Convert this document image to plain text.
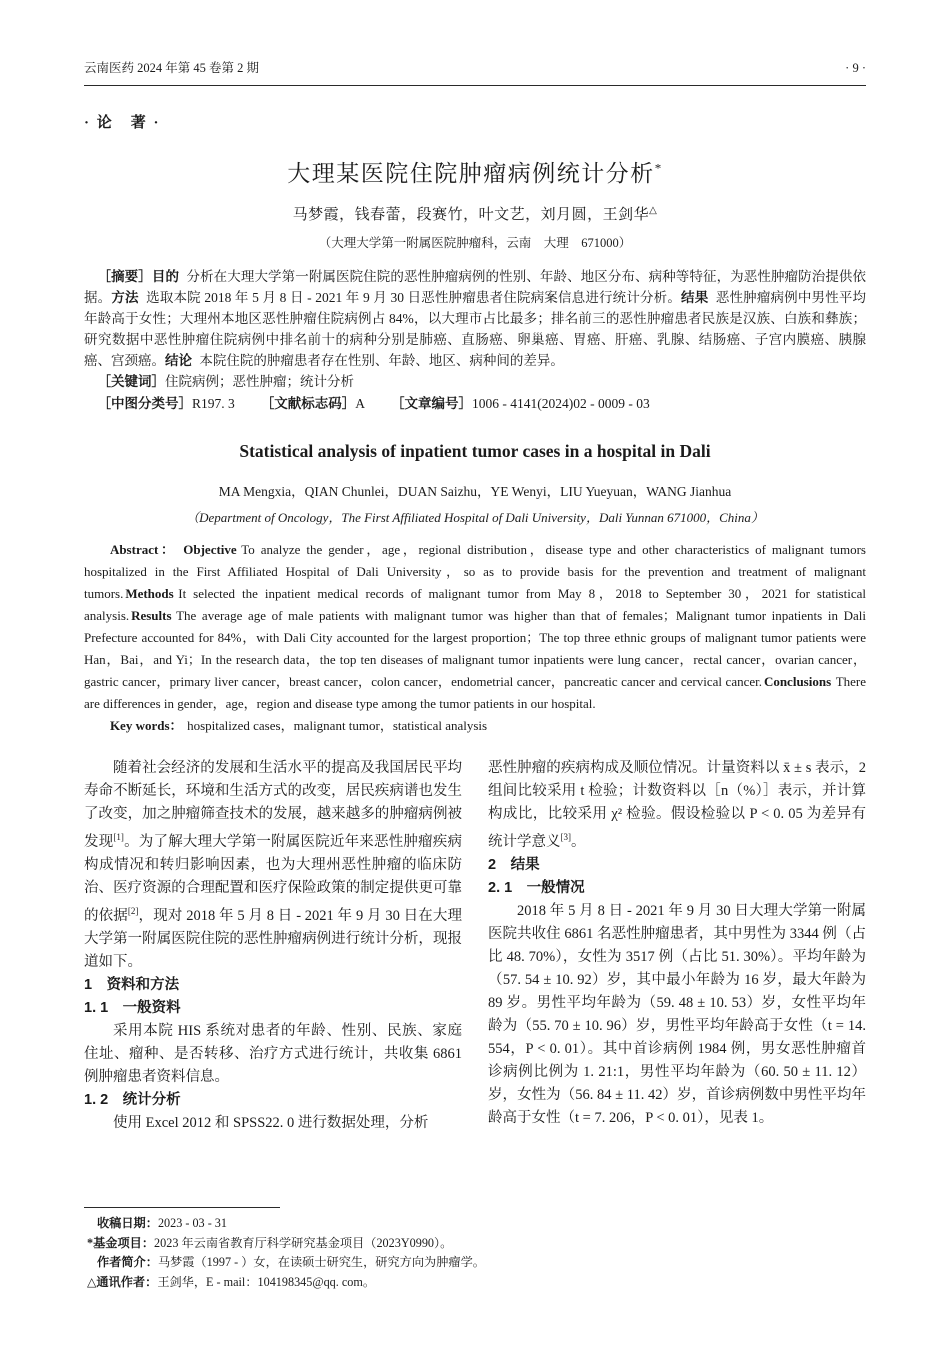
云南医药 2024 年第 45 卷第 2 期	· 9 ·
· 论　著 ·
大理某医院住院肿瘤病例统计分析*
马梦霞，钱春蕾，段赛竹，叶文艺，刘月圆，王剑华△
（大理大学第一附属医院肿瘤科，云南　大理　671000）

［摘要］目的 分析在大理大学第一附属医院住院的恶性肿瘤病例的性别、年龄、地区分布、病种等特征，为恶性肿瘤防治提供依据。方法 选取本院 2018 年 5 月 8 日 - 2021 年 9 月 30 日恶性肿瘤患者住院病案信息进行统计分析。结果 恶性肿瘤病例中男性平均年龄高于女性；大理州本地区恶性肿瘤住院病例占 84%，以大理市占比最多；排名前三的恶性肿瘤患者民族是汉族、白族和彝族；研究数据中恶性肿瘤住院病例中排名前十的病种分别是肺癌、直肠癌、卵巢癌、胃癌、肝癌、乳腺、结肠癌、子宫内膜癌、胰腺癌、宫颈癌。结论 本院住院的肿瘤患者存在性别、年龄、地区、病种间的差异。

［关键词］住院病例；恶性肿瘤；统计分析

［中图分类号］R197. 3 ［文献标志码］A ［文章编号］1006 - 4141(2024)02 - 0009 - 03

Statistical analysis of inpatient tumor cases in a hospital in Dali
MA Mengxia，QIAN Chunlei，DUAN Saizhu，YE Wenyi，LIU Yueyuan，WANG Jianhua
（Department of Oncology，The First Affiliated Hospital of Dali University，Dali Yunnan 671000，China）

Abstract： Objective To analyze the gender，age，regional distribution，disease type and other characteristics of malignant tumors hospitalized in the First Affiliated Hospital of Dali University，so as to provide basis for the prevention and treatment of malignant tumors. Methods It selected the inpatient medical records of malignant tumor from May 8，2018 to September 30，2021 for statistical analysis. Results The average age of male patients with malignant tumor was higher than that of females；Malignant tumor inpatients in Dali Prefecture accounted for 84%，with Dali City accounted for the largest proportion；The top three ethnic groups of malignant tumor patients were Han，Bai，and Yi；In the research data，the top ten diseases of malignant tumor inpatients were lung cancer，rectal cancer，ovarian cancer，gastric cancer，primary liver cancer，breast cancer，colon cancer，endometrial cancer，pancreatic cancer and cervical cancer. Conclusions There are differences in gender，age，region and disease type among the tumor patients in our hospital.

Key words： hospitalized cases，malignant tumor，statistical analysis

随着社会经济的发展和生活水平的提高及我国居民平均寿命不断延长，环境和生活方式的改变，居民疾病谱也发生了改变，加之肿瘤筛查技术的发展，越来越多的肿瘤病例被发现[1]。为了解大理大学第一附属医院近年来恶性肿瘤疾病构成情况和转归影响因素，也为大理州恶性肿瘤的临床防治、医疗资源的合理配置和医疗保险政策的制定提供更可靠的依据[2]，现对 2018 年 5 月 8 日 - 2021 年 9 月 30 日在大理大学第一附属医院住院的恶性肿瘤病例进行统计分析，现报道如下。

1　资料和方法
1. 1　一般资料

采用本院 HIS 系统对患者的年龄、性别、民族、家庭住址、瘤种、是否转移、治疗方式进行统计，共收集 6861 例肿瘤患者资料信息。

1. 2　统计分析

使用 Excel 2012 和 SPSS22. 0 进行数据处理，分析

恶性肿瘤的疾病构成及顺位情况。计量资料以 x̄ ± s 表示，2 组间比较采用 t 检验；计数资料以［n（%）］表示，并计算构成比，比较采用 χ² 检验。假设检验以 P < 0. 05 为差异有统计学意义[3]。

2　结果
2. 1　一般情况

2018 年 5 月 8 日 - 2021 年 9 月 30 日大理大学第一附属医院共收住 6861 名恶性肿瘤患者，其中男性为 3344 例（占比 48. 70%），女性为 3517 例（占比 51. 30%）。平均年龄为（57. 54 ± 10. 92）岁，其中最小年龄为 16 岁，最大年龄为 89 岁。男性平均年龄为（59. 48 ± 10. 53）岁，女性平均年龄为（55. 70 ± 10. 96）岁，男性平均年龄高于女性（t = 14. 554，P < 0. 01）。其中首诊病例 1984 例，男女恶性肿瘤首诊病例比例为 1. 21:1，男性平均年龄为（60. 50 ± 11. 12）岁，女性为（56. 84 ± 11. 42）岁，首诊病例数中男性平均年龄高于女性（t = 7. 206，P < 0. 01），见表 1。

收稿日期：2023 - 03 - 31

*基金项目：2023 年云南省教育厅科学研究基金项目（2023Y0990）。

作者简介：马梦霞（1997 - ）女，在读硕士研究生，研究方向为肿瘤学。

△通讯作者：王剑华，E - mail：104198345@qq. com。
